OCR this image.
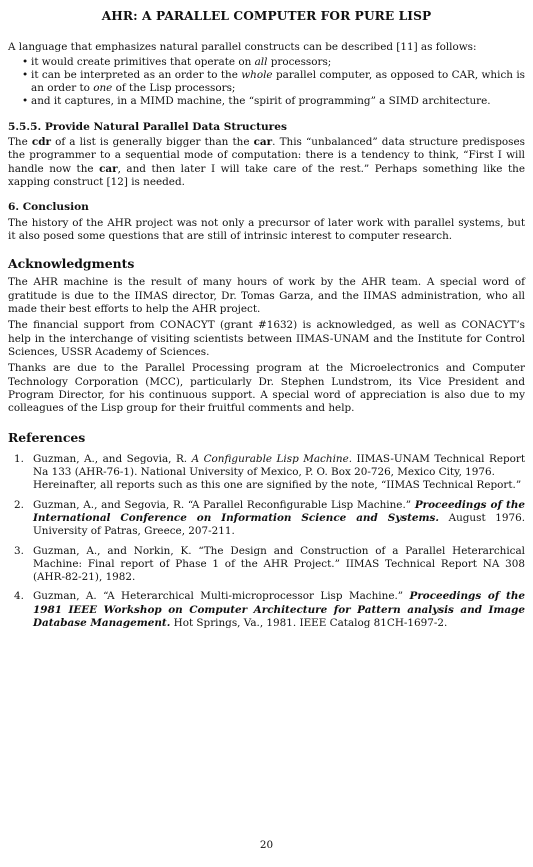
AHR: A PARALLEL COMPUTER FOR PURE LISP

A language that emphasizes natural parallel constructs can be described [11] as follows:

• it would create primitives that operate on all processors;
• it can be interpreted as an order to the whole parallel computer, as opposed to CAR, which is an order to one of the Lisp processors;
• and it captures, in a MIMD machine, the “spirit of programming” a SIMD architecture.
5.5.5. Provide Natural Parallel Data Structures

The cdr of a list is generally bigger than the car. This “unbalanced” data structure predisposes the programmer to a sequential mode of computation: there is a tendency to think, “First I will handle now the car, and then later I will take care of the rest.” Perhaps something like the xapping construct [12] is needed.

6. Conclusion

The history of the AHR project was not only a precursor of later work with parallel systems, but it also posed some questions that are still of intrinsic interest to computer research.

Acknowledgments

The AHR machine is the result of many hours of work by the AHR team. A special word of gratitude is due to the IIMAS director, Dr. Tomas Garza, and the IIMAS administration, who all made their best efforts to help the AHR project.

The financial support from CONACYT (grant #1632) is acknowledged, as well as CONACYT’s help in the interchange of visiting scientists between IIMAS-UNAM and the Institute for Control Sciences, USSR Academy of Sciences.

Thanks are due to the Parallel Processing program at the Microelectronics and Computer Technology Corporation (MCC), particularly Dr. Stephen Lundstrom, its Vice President and Program Director, for his continuous support. A special word of appreciation is also due to my colleagues of the Lisp group for their fruitful comments and help.

References
1. Guzman, A., and Segovia, R. A Configurable Lisp Machine. IIMAS-UNAM Technical Report Na 133 (AHR-76-1). National University of Mexico, P. O. Box 20-726, Mexico City, 1976.
Hereinafter, all reports such as this one are signified by the note, “IIMAS Technical Report.”
2. Guzman, A., and Segovia, R. “A Parallel Reconfigurable Lisp Machine.” Proceedings of the International Conference on Information Science and Systems. August 1976. University of Patras, Greece, 207-211.
3. Guzman, A., and Norkin, K. “The Design and Construction of a Parallel Heterarchical Machine: Final report of Phase 1 of the AHR Project.” IIMAS Technical Report NA 308 (AHR-82-21), 1982.
4. Guzman, A. “A Heterarchical Multi-microprocessor Lisp Machine.” Proceedings of the 1981 IEEE Workshop on Computer Architecture for Pattern analysis and Image Database Management. Hot Springs, Va., 1981. IEEE Catalog 81CH-1697-2.
20
